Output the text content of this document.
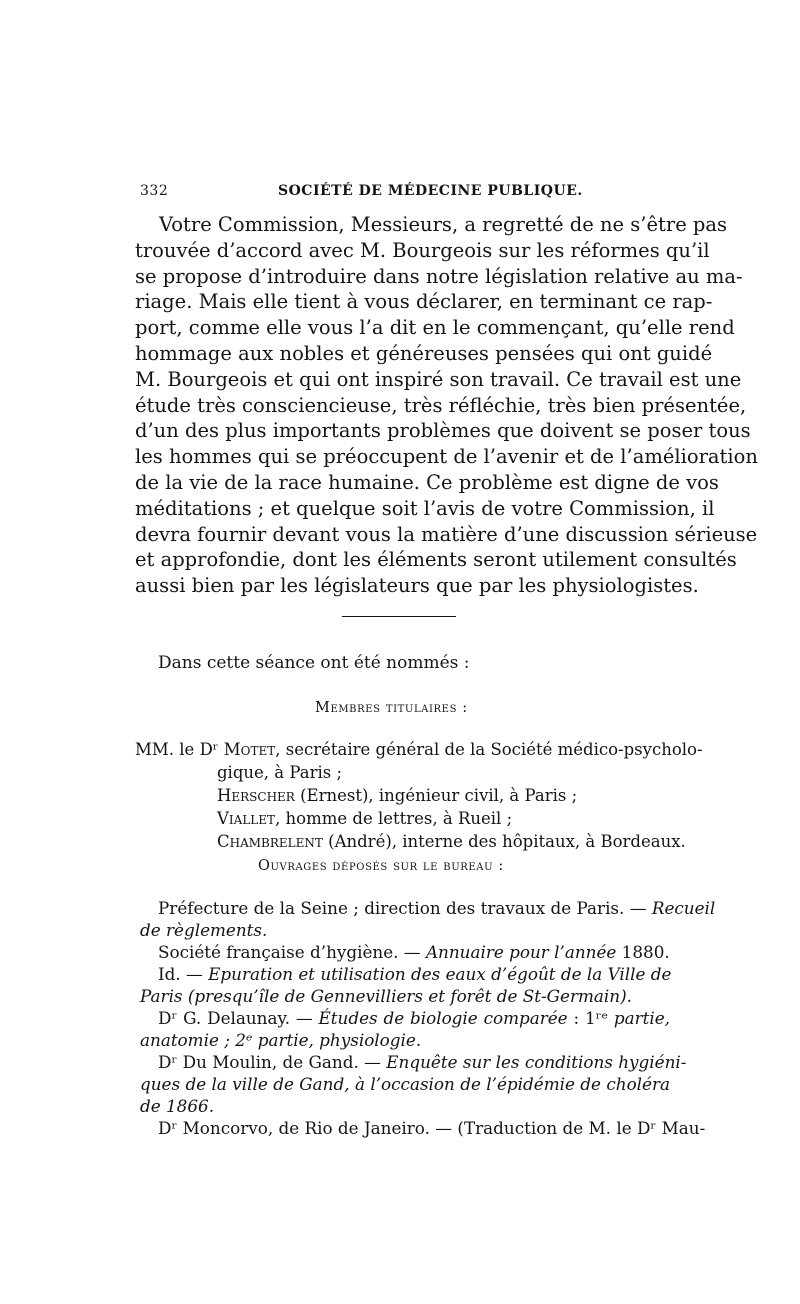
332	SOCIÉTÉ DE MÉDECINE PUBLIQUE.
Votre Commission, Messieurs, a regretté de ne s’être pas
trouvée d’accord avec M. Bourgeois sur les réformes qu’il
se propose d’introduire dans notre législation relative au ma-
riage. Mais elle tient à vous déclarer, en terminant ce rap-
port, comme elle vous l’a dit en le commençant, qu’elle rend
hommage aux nobles et généreuses pensées qui ont guidé
M. Bourgeois et qui ont inspiré son travail. Ce travail est une
étude très consciencieuse, très réfléchie, très bien présentée,
d’un des plus importants problèmes que doivent se poser tous
les hommes qui se préoccupent de l’avenir et de l’amélioration
de la vie de la race humaine. Ce problème est digne de vos
méditations ; et quelque soit l’avis de votre Commission, il
devra fournir devant vous la matière d’une discussion sérieuse
et approfondie, dont les éléments seront utilement consultés
aussi bien par les législateurs que par les physiologistes.
Dans cette séance ont été nommés :
Membres titulaires :
MM. le Dʳ Motet, secrétaire général de la Société médico-psycholo-
gique, à Paris ;
Herscher (Ernest), ingénieur civil, à Paris ;
Viallet, homme de lettres, à Rueil ;
Chambrelent (André), interne des hôpitaux, à Bordeaux.
Ouvrages déposés sur le bureau :
Préfecture de la Seine ; direction des travaux de Paris. — Recueil
de règlements.
Société française d’hygiène. — Annuaire pour l’année 1880.
Id. — Epuration et utilisation des eaux d’égoût de la Ville de
Paris (presqu’île de Gennevilliers et forêt de St-Germain).
Dʳ G. Delaunay. — Études de biologie comparée : 1ʳᵉ partie,
anatomie ; 2ᵉ partie, physiologie.
Dʳ Du Moulin, de Gand. — Enquête sur les conditions hygiéni-
ques de la ville de Gand, à l’occasion de l’épidémie de choléra
de 1866.
Dʳ Moncorvo, de Rio de Janeiro. — (Traduction de M. le Dʳ Mau-
